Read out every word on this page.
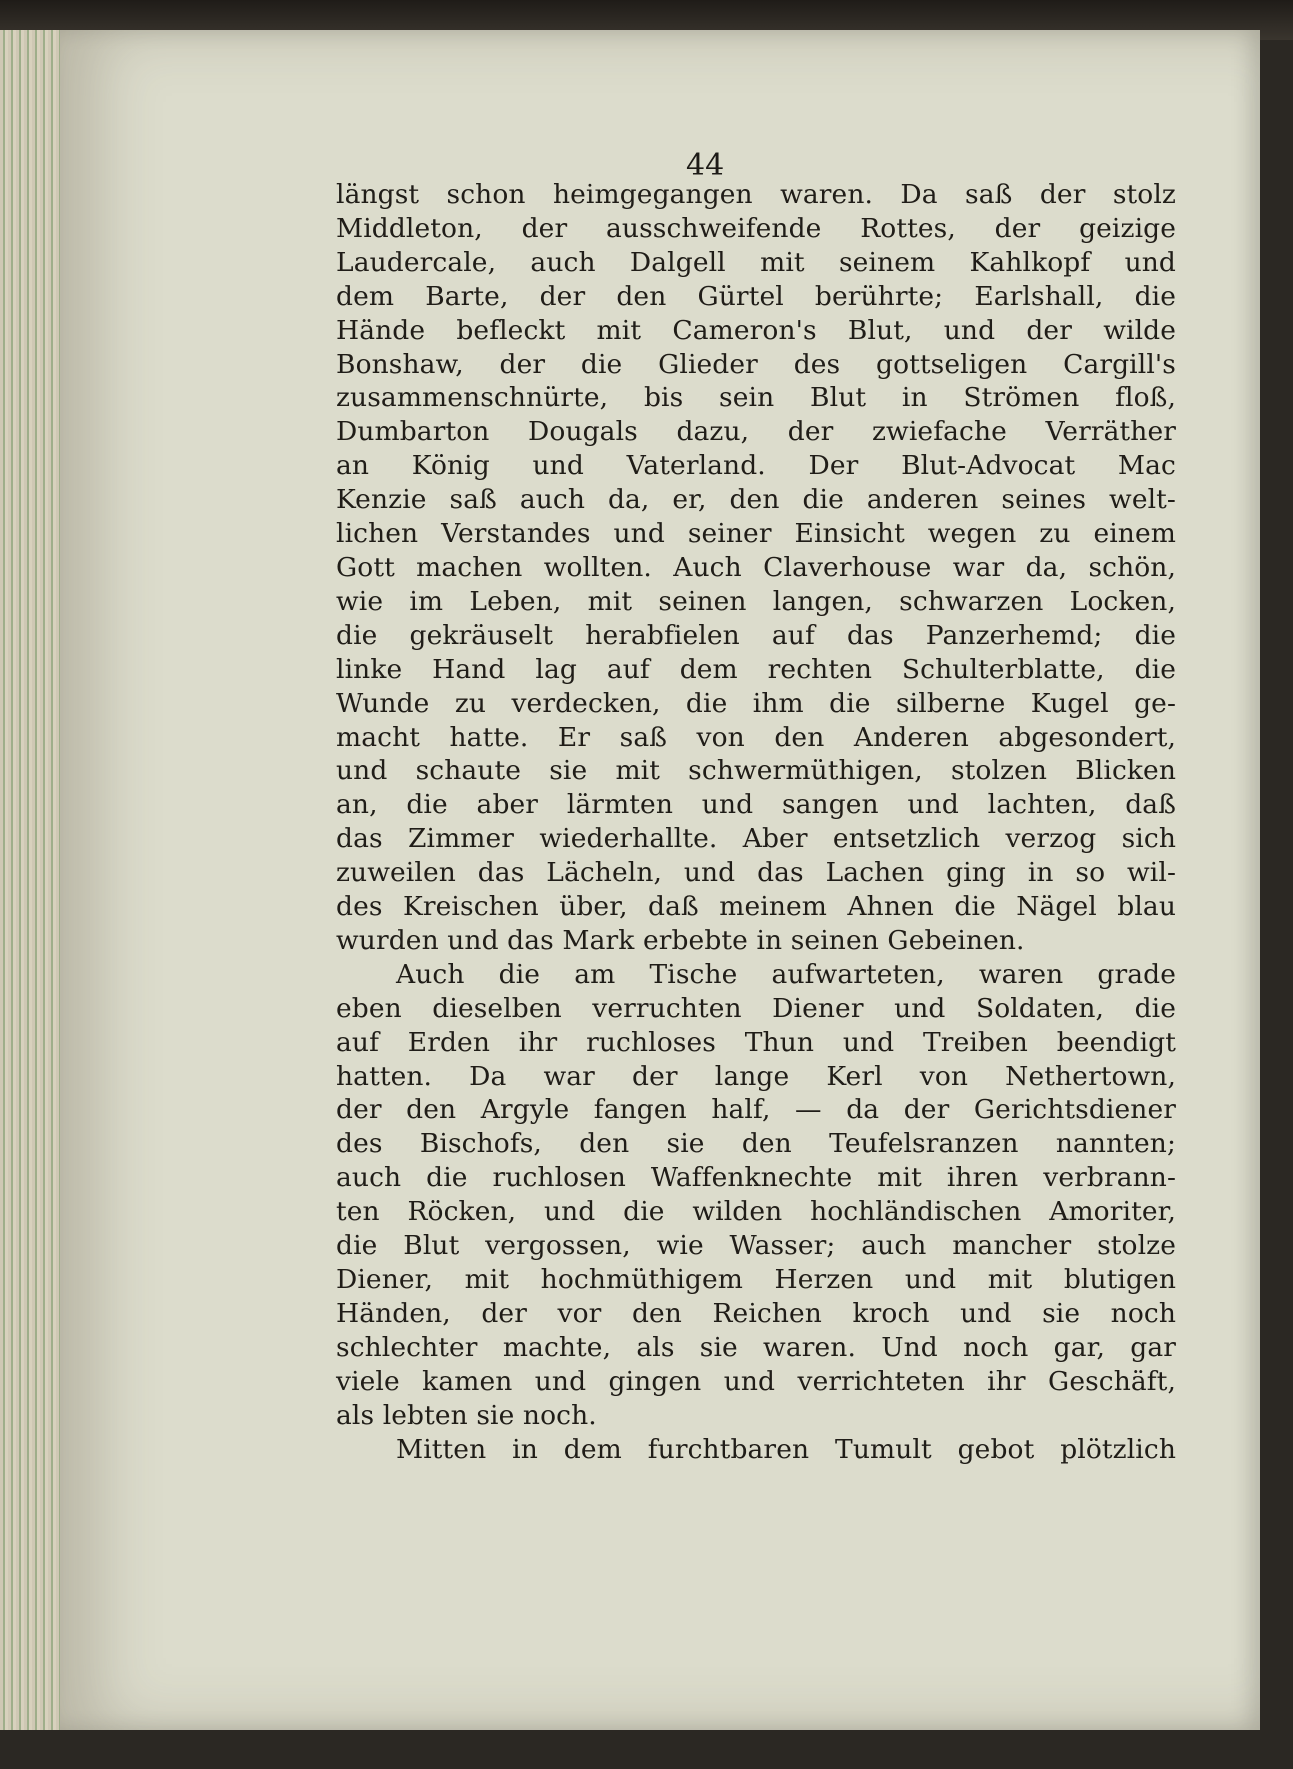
44
längst schon heimgegangen waren. Da saß der stolz
Middleton, der ausschweifende Rottes, der geizige
Laudercale, auch Dalgell mit seinem Kahlkopf und
dem Barte, der den Gürtel berührte; Earlshall, die
Hände befleckt mit Cameron's Blut, und der wilde
Bonshaw, der die Glieder des gottseligen Cargill's
zusammenschnürte, bis sein Blut in Strömen floß,
Dumbarton Dougals dazu, der zwiefache Verräther
an König und Vaterland. Der Blut-Advocat Mac
Kenzie saß auch da, er, den die anderen seines welt-
lichen Verstandes und seiner Einsicht wegen zu einem
Gott machen wollten. Auch Claverhouse war da, schön,
wie im Leben, mit seinen langen, schwarzen Locken,
die gekräuselt herabfielen auf das Panzerhemd; die
linke Hand lag auf dem rechten Schulterblatte, die
Wunde zu verdecken, die ihm die silberne Kugel ge-
macht hatte. Er saß von den Anderen abgesondert,
und schaute sie mit schwermüthigen, stolzen Blicken
an, die aber lärmten und sangen und lachten, daß
das Zimmer wiederhallte. Aber entsetzlich verzog sich
zuweilen das Lächeln, und das Lachen ging in so wil-
des Kreischen über, daß meinem Ahnen die Nägel blau
wurden und das Mark erbebte in seinen Gebeinen.
Auch die am Tische aufwarteten, waren grade
eben dieselben verruchten Diener und Soldaten, die
auf Erden ihr ruchloses Thun und Treiben beendigt
hatten. Da war der lange Kerl von Nethertown,
der den Argyle fangen half, — da der Gerichtsdiener
des Bischofs, den sie den Teufelsranzen nannten;
auch die ruchlosen Waffenknechte mit ihren verbrann-
ten Röcken, und die wilden hochländischen Amoriter,
die Blut vergossen, wie Wasser; auch mancher stolze
Diener, mit hochmüthigem Herzen und mit blutigen
Händen, der vor den Reichen kroch und sie noch
schlechter machte, als sie waren. Und noch gar, gar
viele kamen und gingen und verrichteten ihr Geschäft,
als lebten sie noch.
Mitten in dem furchtbaren Tumult gebot plötzlich
